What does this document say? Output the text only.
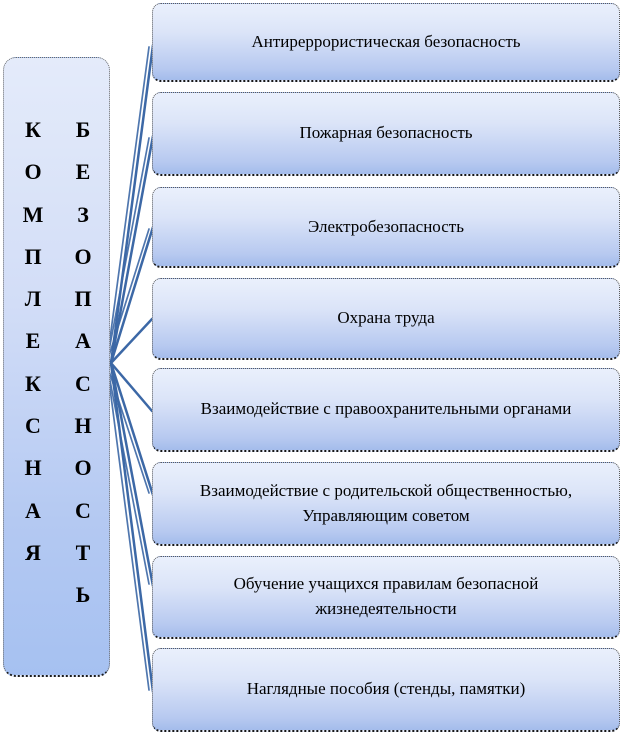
К
О
М
П
Л
Е
К
С
Н
А
Я
Б
Е
З
О
П
А
С
Н
О
С
Т
Ь
Антиреррористическая безопасность
Пожарная безопасность
Электробезопасность
Охрана труда
Взаимодействие с правоохранительными органами
Взаимодействие с родительской общественностью, Управляющим советом
Обучение учащихся правилам безопасной жизнедеятельности
Наглядные пособия (стенды, памятки)
